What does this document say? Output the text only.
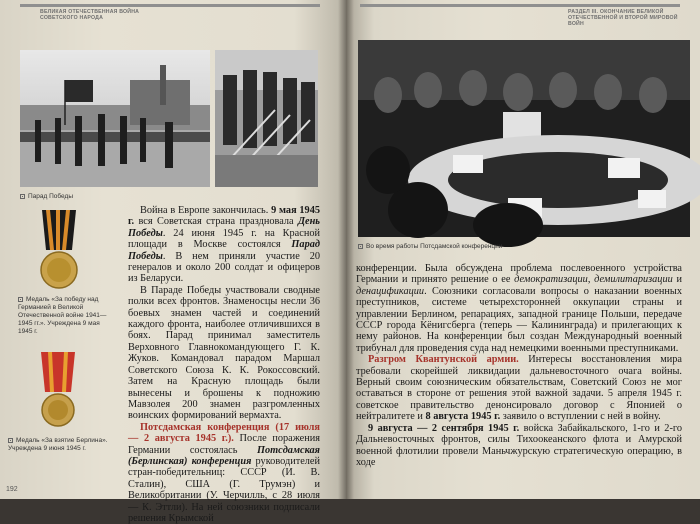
ВЕЛИКАЯ ОТЕЧЕСТВЕННАЯ ВОЙНА
СОВЕТСКОГО НАРОДА
Парад Победы
Медаль «За победу над Германией в Великой Отечественной войне 1941—1945 гг.». Учреждена 9 мая 1945 г.
Медаль «За взятие Берлина». Учреждена 9 июня 1945 г.

Война в Европе закончилась. 9 мая 1945 г. вся Советская страна праздновала День Победы. 24 июня 1945 г. на Красной площади в Москве состоялся Парад Победы. В нем приняли участие 20 генералов и около 200 солдат и офицеров из Беларуси.

В Параде Победы участвовали сводные полки всех фронтов. Знаменосцы несли 36 боевых знамен частей и соединений каждого фронта, наиболее отличившихся в боях. Парад принимал заместитель Верховного Главнокомандующего Г. К. Жуков. Командовал парадом Маршал Советского Союза К. К. Рокоссовский. Затем на Красную площадь были вынесены и брошены к подножию Мавзолея 200 знамен разгромленных воинских формирований вермахта.

Потсдамская конференция (17 июля — 2 августа 1945 г.). После поражения Германии состоялась Потсдамская (Берлинская) конференция руководителей стран-победительниц: СССР (И. В. Сталин), США (Г. Трумэн) и Великобритании (У. Черчилль, с 28 июля — К. Эттли). На ней союзники подписали решения Крымской

192
РАЗДЕЛ III. ОКОНЧАНИЕ ВЕЛИКОЙ
ОТЕЧЕСТВЕННОЙ И ВТОРОЙ МИРОВОЙ ВОЙН
Во время работы Потсдамской конференции

конференции. Была обсуждена проблема послевоенного устройства Германии и принято решение о ее демократизации, демилитаризации и денацификации. Союзники согласовали вопросы о наказании военных преступников, системе четырехсторонней оккупации страны и управлении Берлином, репарациях, западной границе Польши, передаче СССР города Кёнигсберга (теперь — Калининграда) и прилегающих к нему районов. На конференции был создан Международный военный трибунал для проведения суда над немецкими военными преступниками.

Разгром Квантунской армии. Интересы восстановления мира требовали скорейшей ликвидации дальневосточного очага войны. Верный своим союзническим обязательствам, Советский Союз не мог оставаться в стороне от решения этой важной задачи. 5 апреля 1945 г. советское правительство денонсировало договор с Японией о нейтралитете и 8 августа 1945 г. заявило о вступлении с ней в войну.

9 августа — 2 сентября 1945 г. войска Забайкальского, 1-го и 2-го Дальневосточных фронтов, силы Тихоокеанского флота и Амурской военной флотилии провели Маньчжурскую стратегическую операцию, в ходе
